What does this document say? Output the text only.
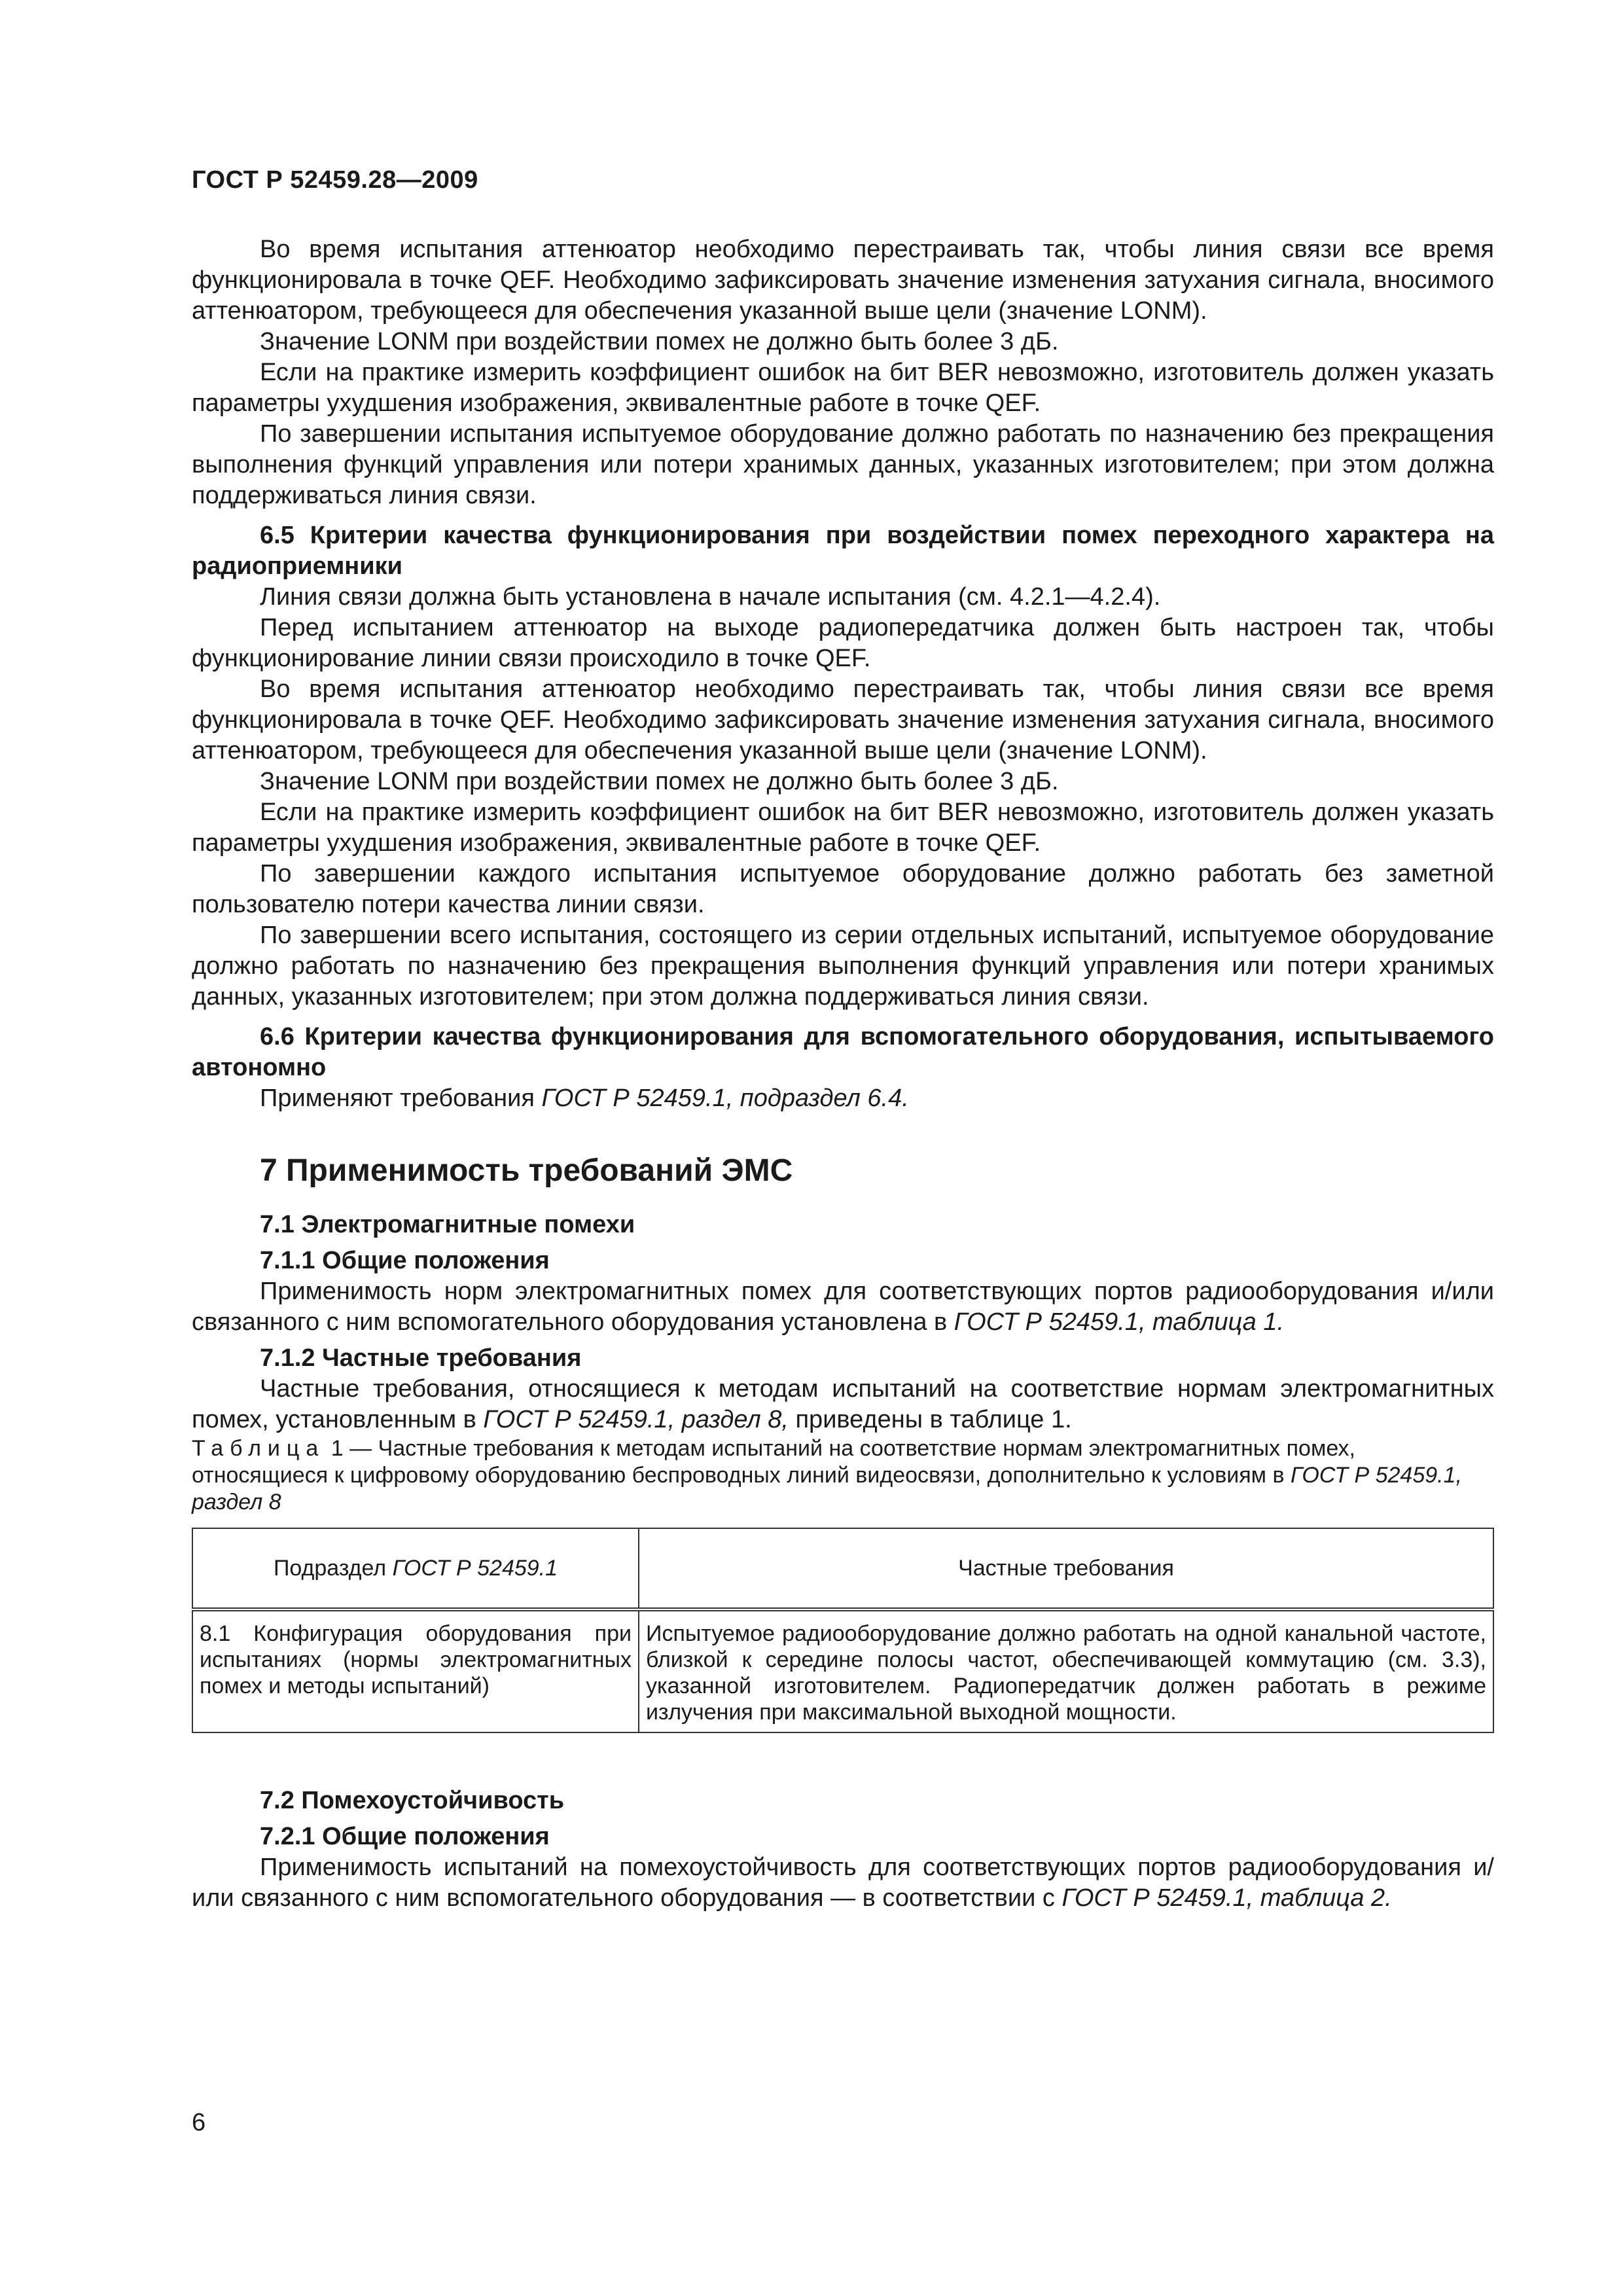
ГОСТ Р 52459.28—2009

Во время испытания аттенюатор необходимо перестраивать так, чтобы линия связи все время функционировала в точке QEF. Необходимо зафиксировать значение изменения затухания сигнала, вносимого аттенюатором, требующееся для обеспечения указанной выше цели (значение LONM).

Значение LONM при воздействии помех не должно быть более 3 дБ.

Если на практике измерить коэффициент ошибок на бит BER невозможно, изготовитель должен указать параметры ухудшения изображения, эквивалентные работе в точке QEF.

По завершении испытания испытуемое оборудование должно работать по назначению без прекращения выполнения функций управления или потери хранимых данных, указанных изготовителем; при этом должна поддерживаться линия связи.

6.5 Критерии качества функционирования при воздействии помех переходного характера на радиоприемники

Линия связи должна быть установлена в начале испытания (см. 4.2.1—4.2.4).

Перед испытанием аттенюатор на выходе радиопередатчика должен быть настроен так, чтобы функционирование линии связи происходило в точке QEF.

Во время испытания аттенюатор необходимо перестраивать так, чтобы линия связи все время функционировала в точке QEF. Необходимо зафиксировать значение изменения затухания сигнала, вносимого аттенюатором, требующееся для обеспечения указанной выше цели (значение LONM).

Значение LONM при воздействии помех не должно быть более 3 дБ.

Если на практике измерить коэффициент ошибок на бит BER невозможно, изготовитель должен указать параметры ухудшения изображения, эквивалентные работе в точке QEF.

По завершении каждого испытания испытуемое оборудование должно работать без заметной пользователю потери качества линии связи.

По завершении всего испытания, состоящего из серии отдельных испытаний, испытуемое оборудование должно работать по назначению без прекращения выполнения функций управления или потери хранимых данных, указанных изготовителем; при этом должна поддерживаться линия связи.

6.6 Критерии качества функционирования для вспомогательного оборудования, испытываемого автономно

Применяют требования ГОСТ Р 52459.1, подраздел 6.4.

7 Применимость требований ЭМС

7.1 Электромагнитные помехи

7.1.1 Общие положения

Применимость норм электромагнитных помех для соответствующих портов радиооборудования и/или связанного с ним вспомогательного оборудования установлена в ГОСТ Р 52459.1, таблица 1.

7.1.2 Частные требования

Частные требования, относящиеся к методам испытаний на соответствие нормам электромагнитных помех, установленным в ГОСТ Р 52459.1, раздел 8, приведены в таблице 1.

Таблица 1 — Частные требования к методам испытаний на соответствие нормам электромагнитных помех, относящиеся к цифровому оборудованию беспроводных линий видеосвязи, дополнительно к условиям в ГОСТ Р 52459.1, раздел 8

Подраздел ГОСТ Р 52459.1	Частные требования
8.1 Конфигурация оборудования при испытаниях (нормы электромагнитных помех и методы испытаний)	Испытуемое радиооборудование должно работать на одной канальной частоте, близкой к середине полосы частот, обеспечивающей коммутацию (см. 3.3), указанной изготовителем. Радиопередатчик должен работать в режиме излучения при максимальной выходной мощности.

7.2 Помехоустойчивость

7.2.1 Общие положения

Применимость испытаний на помехоустойчивость для соответствующих портов радиооборудования и/или связанного с ним вспомогательного оборудования — в соответствии с ГОСТ Р 52459.1, таблица 2.

6
